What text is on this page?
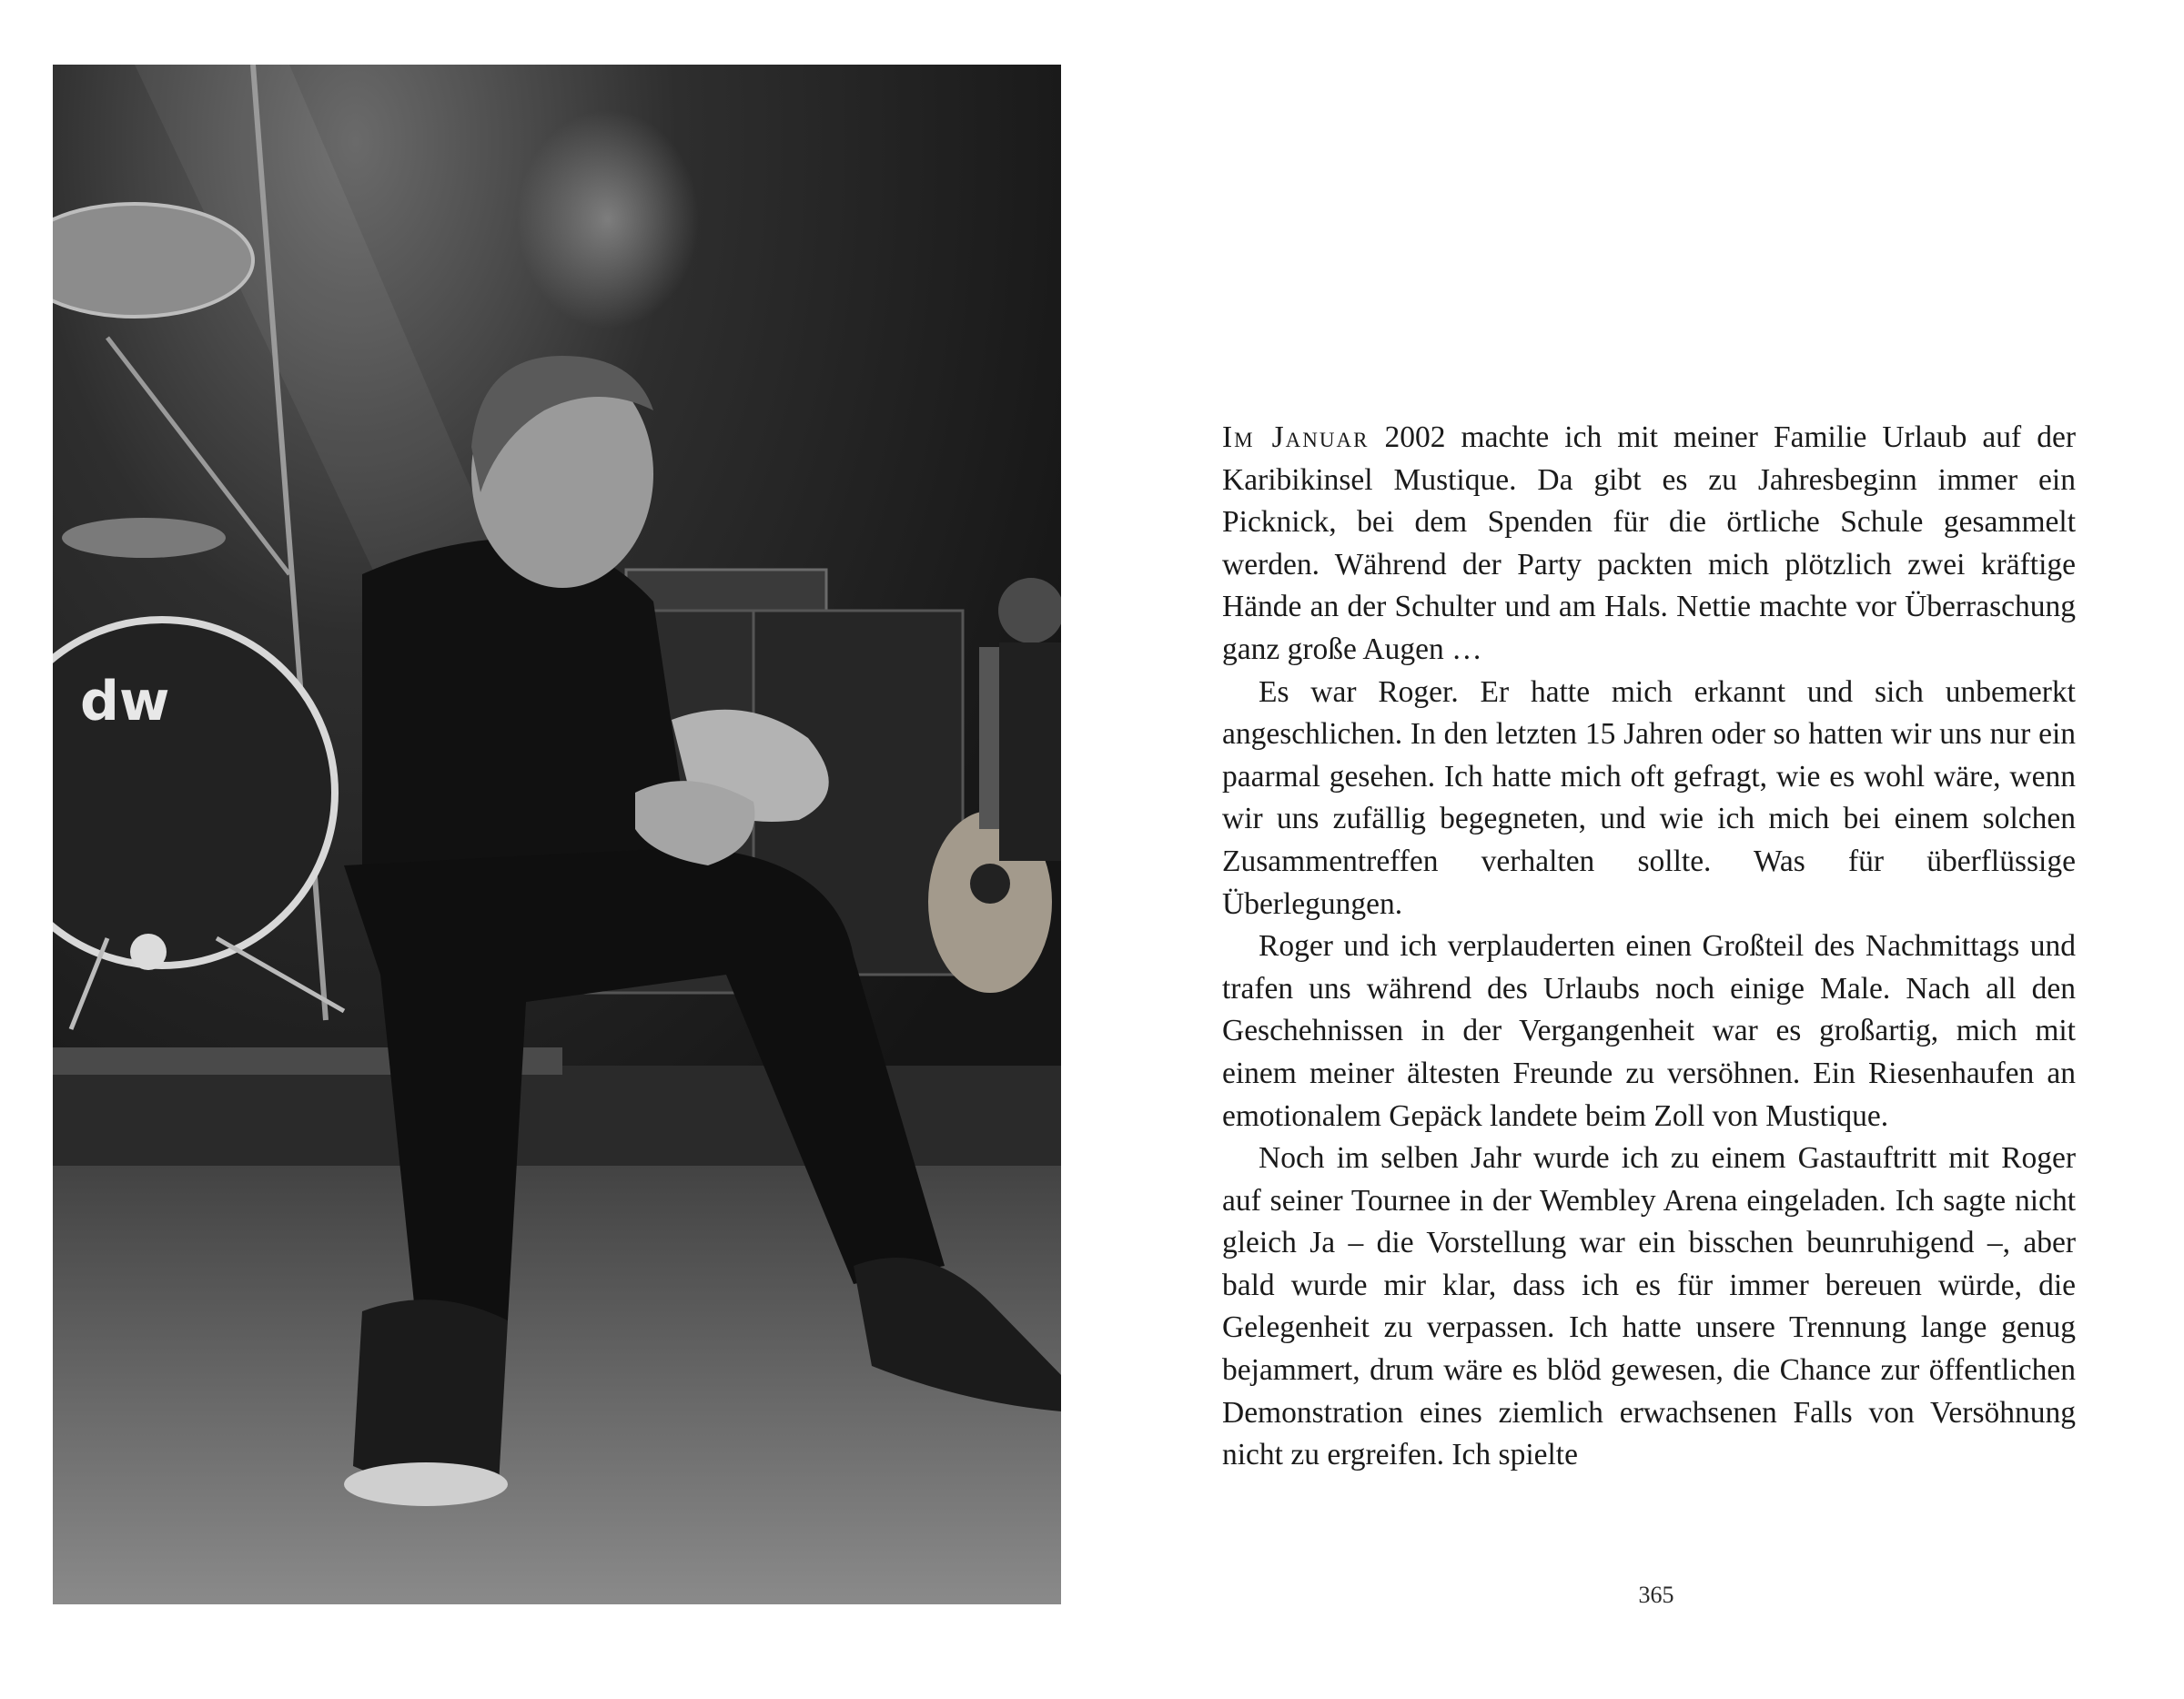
dw

Im Januar 2002 machte ich mit meiner Familie Urlaub auf der Karibikinsel Mustique. Da gibt es zu Jahresbeginn immer ein Picknick, bei dem Spenden für die örtliche Schule gesammelt werden. Während der Party packten mich plötzlich zwei kräftige Hände an der Schulter und am Hals. Nettie machte vor Überraschung ganz große Augen …

Es war Roger. Er hatte mich erkannt und sich unbemerkt angeschlichen. In den letzten 15 Jahren oder so hatten wir uns nur ein paarmal gesehen. Ich hatte mich oft gefragt, wie es wohl wäre, wenn wir uns zufällig begegneten, und wie ich mich bei einem solchen Zusammentreffen verhalten sollte. Was für überflüssige Überlegungen.

Roger und ich verplauderten einen Großteil des Nachmittags und trafen uns während des Urlaubs noch einige Male. Nach all den Geschehnissen in der Vergangenheit war es großartig, mich mit einem meiner ältesten Freunde zu versöhnen. Ein Riesenhaufen an emotionalem Gepäck landete beim Zoll von Mustique.

Noch im selben Jahr wurde ich zu einem Gastauftritt mit Roger auf seiner Tournee in der Wembley Arena eingeladen. Ich sagte nicht gleich Ja – die Vorstellung war ein bisschen beunruhigend –, aber bald wurde mir klar, dass ich es für immer bereuen würde, die Gelegenheit zu verpassen. Ich hatte unsere Trennung lange genug bejammert, drum wäre es blöd gewesen, die Chance zur öffentlichen Demonstration eines ziemlich erwachsenen Falls von Versöhnung nicht zu ergreifen. Ich spielte

365
